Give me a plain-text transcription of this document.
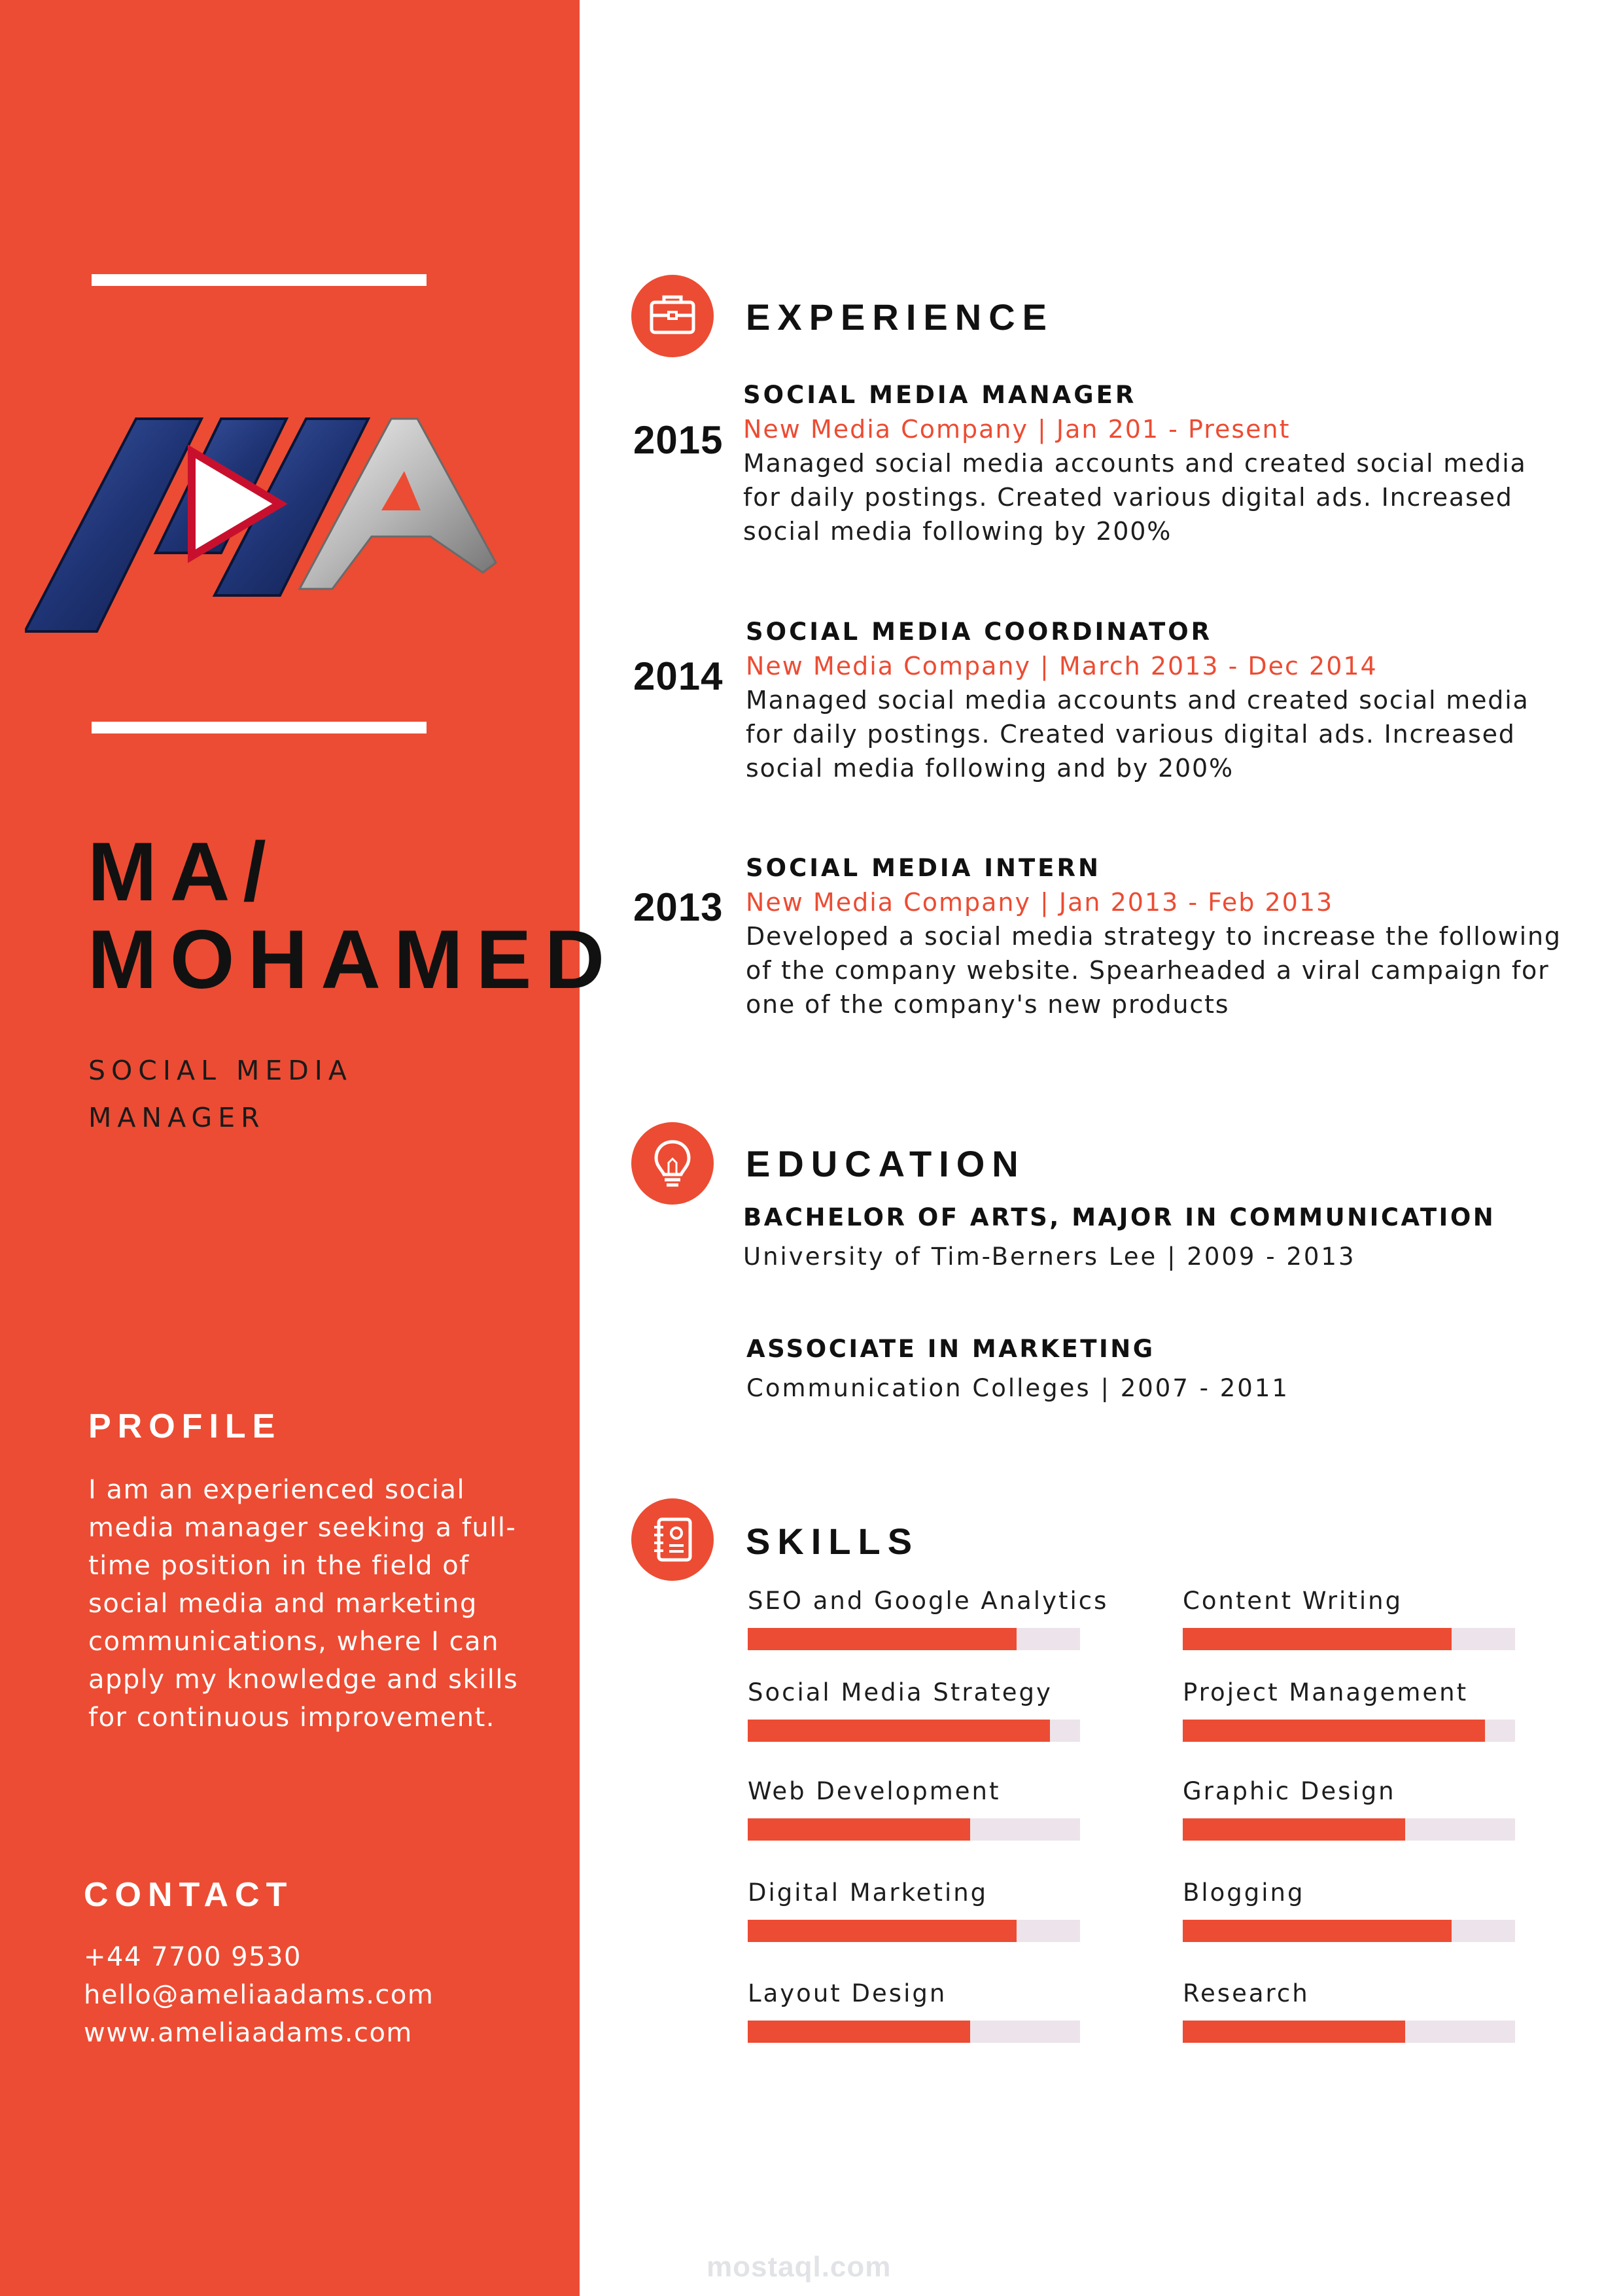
MA/
MOHAMED
SOCIAL MEDIA
MANAGER
PROFILE
I am an experienced social media manager seeking a full-time position in the field of social media and marketing communications, where I can apply my knowledge and skills for continuous improvement.
CONTACT
+44 7700 9530
hello@ameliaadams.com
www.ameliaadams.com
EXPERIENCE
2015
SOCIAL MEDIA MANAGER
New Media Company | Jan 201 - Present
Managed social media accounts and created social media for daily postings. Created various digital ads. Increased social media following by 200%
2014
SOCIAL MEDIA COORDINATOR
New Media Company | March 2013 - Dec 2014
Managed social media accounts and created social media for daily postings. Created various digital ads. Increased social media following and by 200%
2013
SOCIAL MEDIA INTERN
New Media Company | Jan 2013 - Feb 2013
Developed a social media strategy to increase the following of the company website. Spearheaded a viral campaign for one of the company's new products
EDUCATION
BACHELOR OF ARTS, MAJOR IN COMMUNICATION
University of Tim-Berners Lee | 2009 - 2013
ASSOCIATE IN MARKETING
Communication Colleges | 2007 - 2011
SKILLS
SEO and Google Analytics	Content Writing
Social Media Strategy	Project Management
Web Development	Graphic Design
Digital Marketing	Blogging
Layout Design	Research
mostaql.com
